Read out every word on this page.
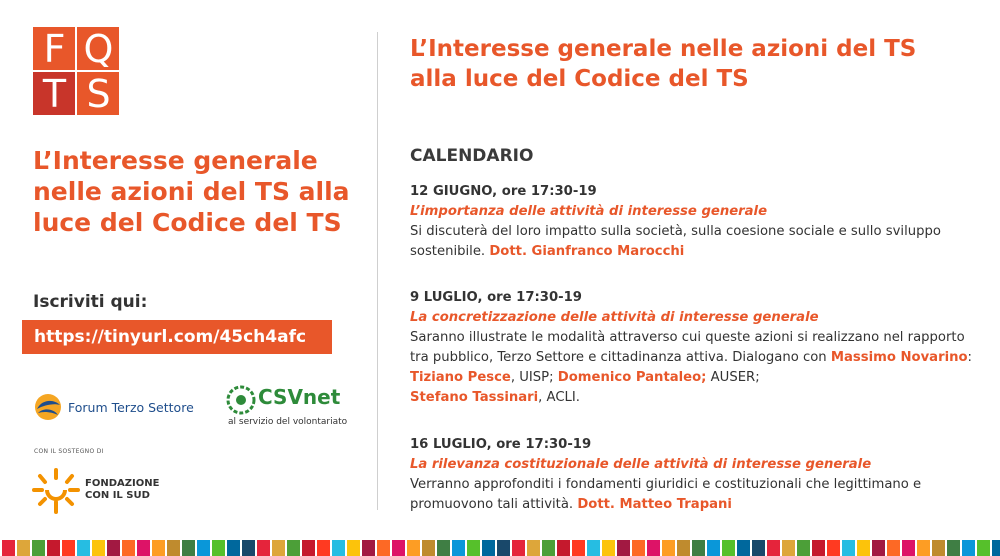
F Q
T S
L’Interesse generale nelle azioni del TS alla luce del Codice del TS
Iscriviti qui:
https://tinyurl.com/45ch4afc
Forum Terzo Settore	CSVnet
al servizio del volontariato
CON IL SOSTEGNO DI
FONDAZIONE
CON IL SUD
L’Interesse generale nelle azioni del TS alla luce del Codice del TS
CALENDARIO
12 GIUGNO, ore 17:30-19
L’importanza delle attività di interesse generale
Si discuterà del loro impatto sulla società, sulla coesione sociale e sullo sviluppo sostenibile. Dott. Gianfranco Marocchi
9 LUGLIO, ore 17:30-19
La concretizzazione delle attività di interesse generale
Saranno illustrate le modalità attraverso cui queste azioni si realizzano nel rapporto tra pubblico, Terzo Settore e cittadinanza attiva. Dialogano con Massimo Novarino: Tiziano Pesce, UISP; Domenico Pantaleo; AUSER;
Stefano Tassinari, ACLI.
16 LUGLIO, ore 17:30-19
La rilevanza costituzionale delle attività di interesse generale
Verranno approfonditi i fondamenti giuridici e costituzionali che legittimano e promuovono tali attività. Dott. Matteo Trapani
